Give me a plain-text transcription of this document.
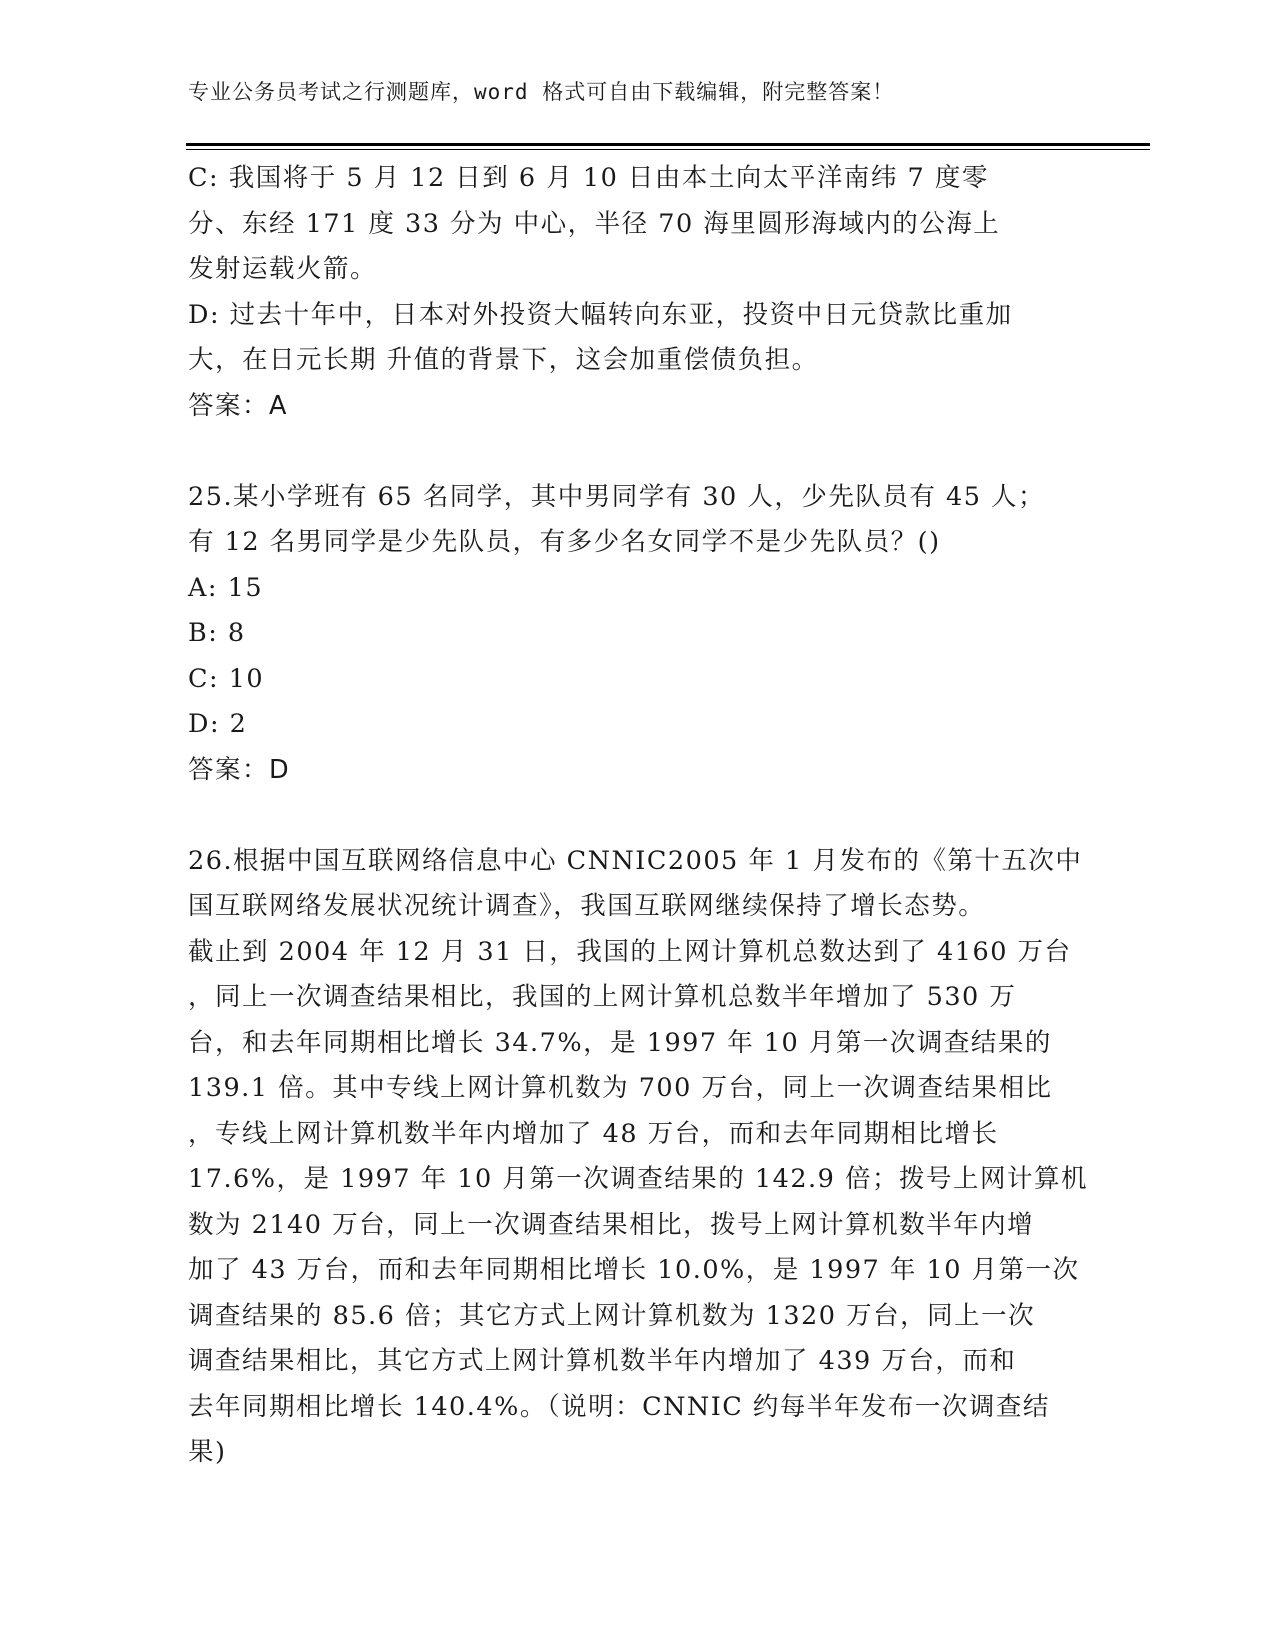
专业公务员考试之行测题库，word 格式可自由下载编辑，附完整答案！
C: 我国将于 5 月 12 日到 6 月 10 日由本土向太平洋南纬 7 度零
分、东经 171 度 33 分为 中心，半径 70 海里圆形海域内的公海上
发射运载火箭。
D: 过去十年中，日本对外投资大幅转向东亚，投资中日元贷款比重加
大，在日元长期 升值的背景下，这会加重偿债负担。
答案：A
25.某小学班有 65 名同学，其中男同学有 30 人，少先队员有 45 人；
有 12 名男同学是少先队员，有多少名女同学不是少先队员？()
A: 15
B: 8
C: 10
D: 2
答案：D
26.根据中国互联网络信息中心 CNNIC2005 年 1 月发布的《第十五次中
国互联网络发展状况统计调查》，我国互联网继续保持了增长态势。
截止到 2004 年 12 月 31 日，我国的上网计算机总数达到了 4160 万台
，同上一次调查结果相比，我国的上网计算机总数半年增加了 530 万
台，和去年同期相比增长 34.7%，是 1997 年 10 月第一次调查结果的
139.1 倍。其中专线上网计算机数为 700 万台，同上一次调查结果相比
，专线上网计算机数半年内增加了 48 万台，而和去年同期相比增长
17.6%，是 1997 年 10 月第一次调查结果的 142.9 倍；拨号上网计算机
数为 2140 万台，同上一次调查结果相比，拨号上网计算机数半年内增
加了 43 万台，而和去年同期相比增长 10.0%，是 1997 年 10 月第一次
调查结果的 85.6 倍；其它方式上网计算机数为 1320 万台，同上一次
调查结果相比，其它方式上网计算机数半年内增加了 439 万台，而和
去年同期相比增长 140.4%。（说明：CNNIC 约每半年发布一次调查结
果)
